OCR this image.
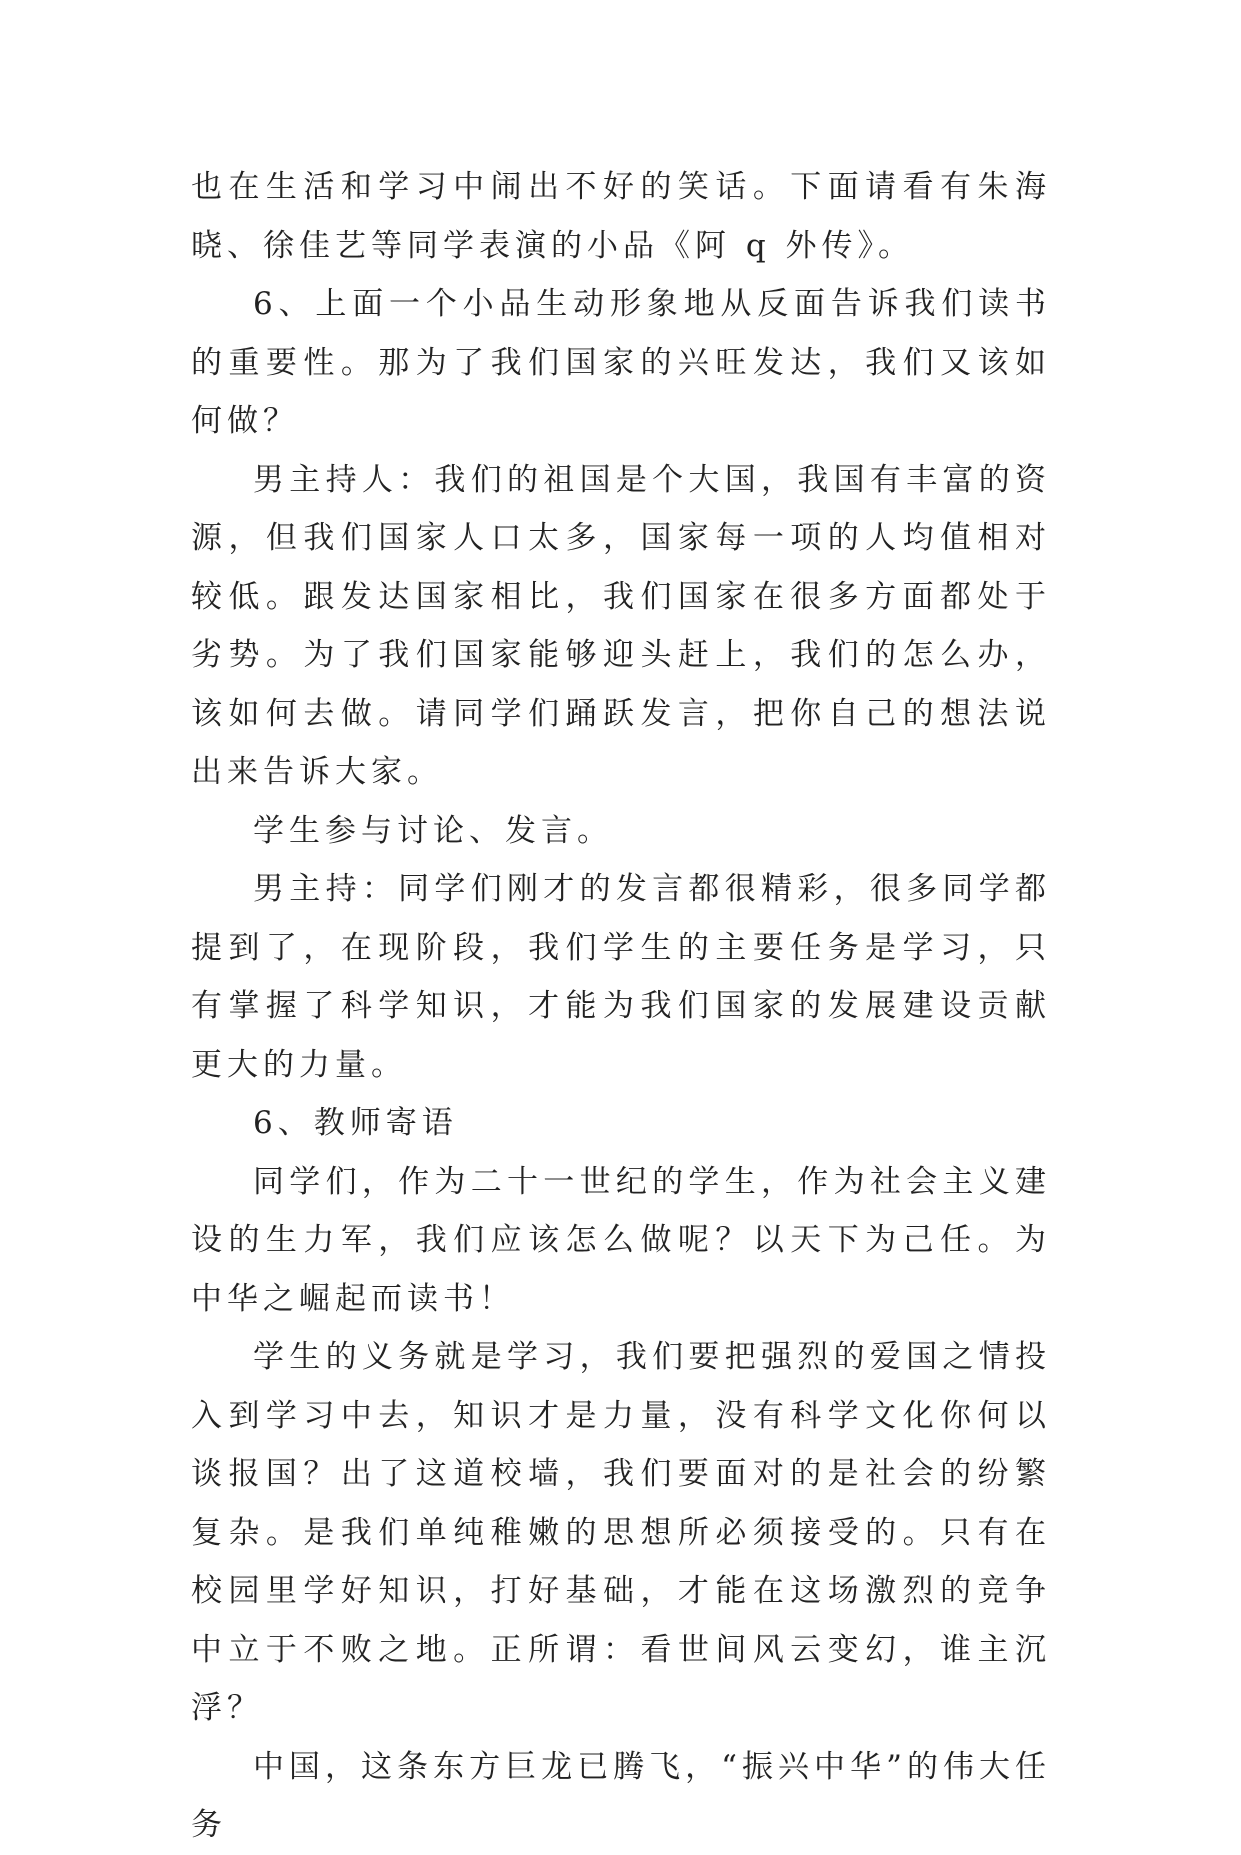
也在生活和学习中闹出不好的笑话。下面请看有朱海晓、徐佳艺等同学表演的小品《阿 q 外传》。

6、上面一个小品生动形象地从反面告诉我们读书的重要性。那为了我们国家的兴旺发达，我们又该如何做？

男主持人：我们的祖国是个大国，我国有丰富的资源，但我们国家人口太多，国家每一项的人均值相对较低。跟发达国家相比，我们国家在很多方面都处于劣势。为了我们国家能够迎头赶上，我们的怎么办，该如何去做。请同学们踊跃发言，把你自己的想法说出来告诉大家。

学生参与讨论、发言。

男主持：同学们刚才的发言都很精彩，很多同学都提到了，在现阶段，我们学生的主要任务是学习，只有掌握了科学知识，才能为我们国家的发展建设贡献更大的力量。

6、教师寄语

同学们，作为二十一世纪的学生，作为社会主义建设的生力军，我们应该怎么做呢？以天下为己任。为中华之崛起而读书！

学生的义务就是学习，我们要把强烈的爱国之情投入到学习中去，知识才是力量，没有科学文化你何以谈报国？出了这道校墙，我们要面对的是社会的纷繁复杂。是我们单纯稚嫩的思想所必须接受的。只有在校园里学好知识，打好基础，才能在这场激烈的竞争中立于不败之地。正所谓：看世间风云变幻，谁主沉浮？

中国，这条东方巨龙已腾飞，“振兴中华”的伟大任务
